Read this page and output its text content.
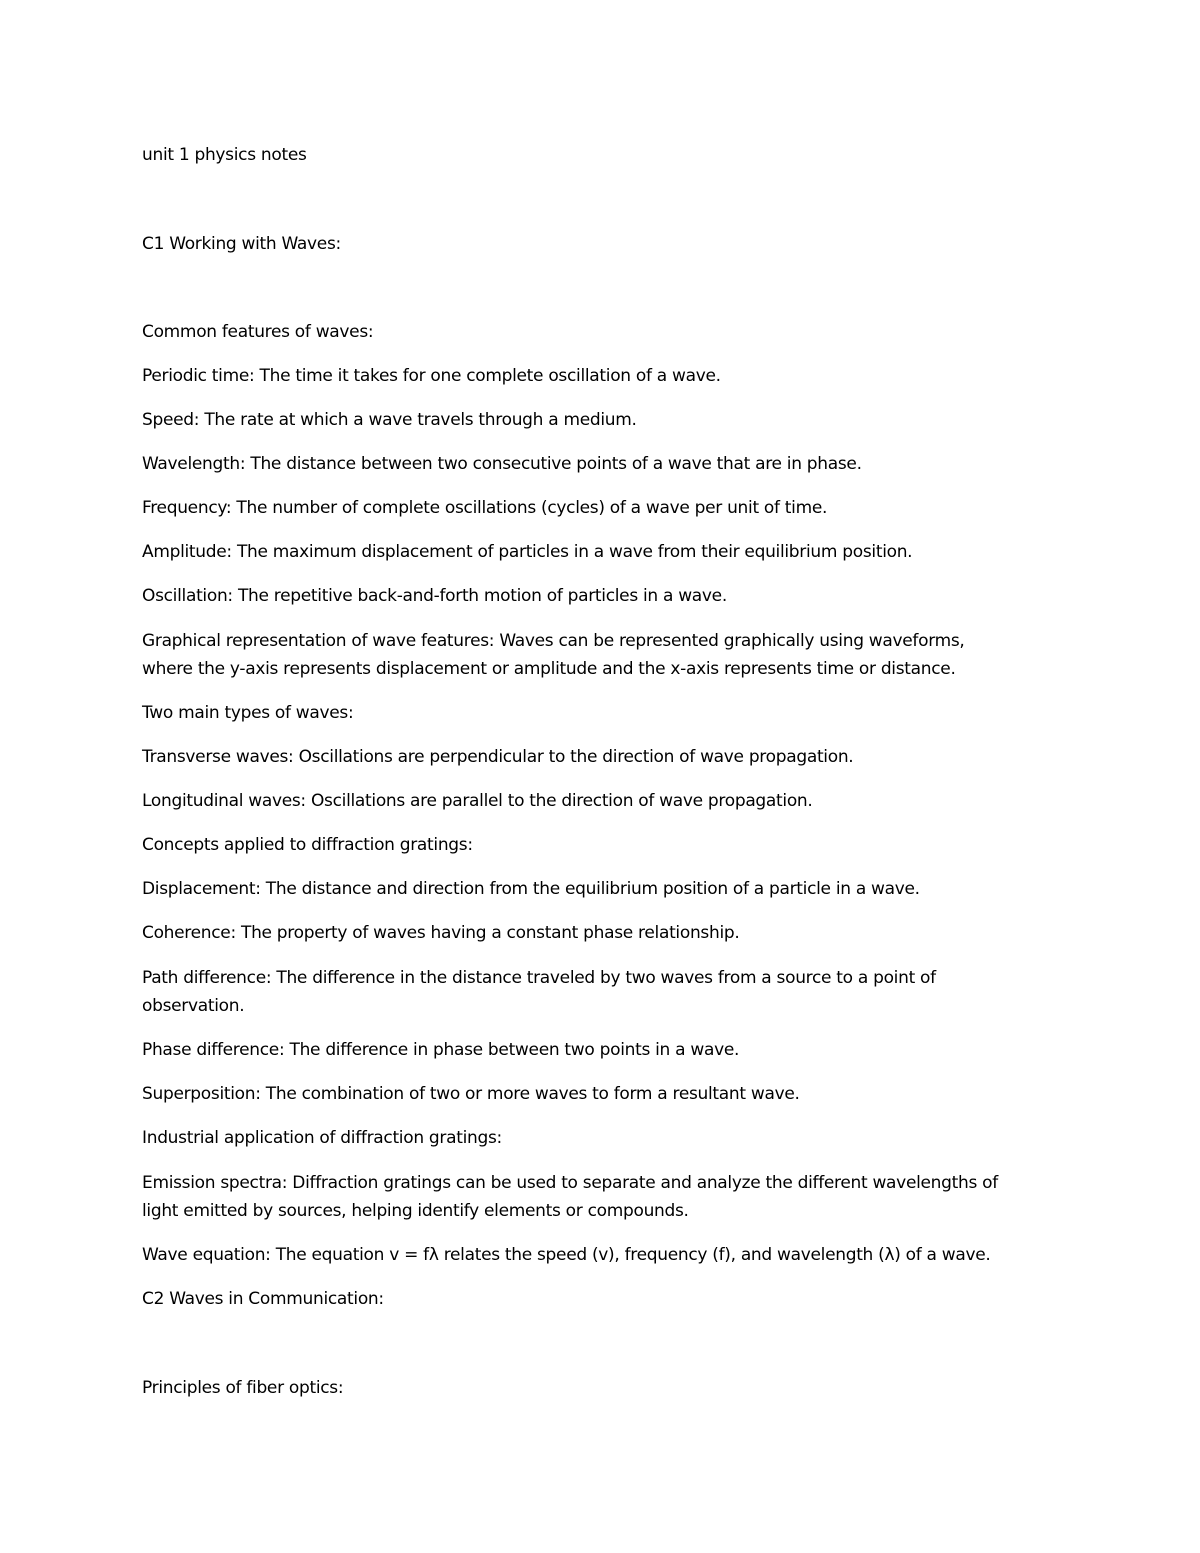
unit 1 physics notes
C1 Working with Waves:
Common features of waves:
Periodic time: The time it takes for one complete oscillation of a wave.
Speed: The rate at which a wave travels through a medium.
Wavelength: The distance between two consecutive points of a wave that are in phase.
Frequency: The number of complete oscillations (cycles) of a wave per unit of time.
Amplitude: The maximum displacement of particles in a wave from their equilibrium position.
Oscillation: The repetitive back-and-forth motion of particles in a wave.
Graphical representation of wave features: Waves can be represented graphically using waveforms,
where the y-axis represents displacement or amplitude and the x-axis represents time or distance.
Two main types of waves:
Transverse waves: Oscillations are perpendicular to the direction of wave propagation.
Longitudinal waves: Oscillations are parallel to the direction of wave propagation.
Concepts applied to diffraction gratings:
Displacement: The distance and direction from the equilibrium position of a particle in a wave.
Coherence: The property of waves having a constant phase relationship.
Path difference: The difference in the distance traveled by two waves from a source to a point of
observation.
Phase difference: The difference in phase between two points in a wave.
Superposition: The combination of two or more waves to form a resultant wave.
Industrial application of diffraction gratings:
Emission spectra: Diffraction gratings can be used to separate and analyze the different wavelengths of
light emitted by sources, helping identify elements or compounds.
Wave equation: The equation v = fλ relates the speed (v), frequency (f), and wavelength (λ) of a wave.
C2 Waves in Communication:
Principles of fiber optics:
